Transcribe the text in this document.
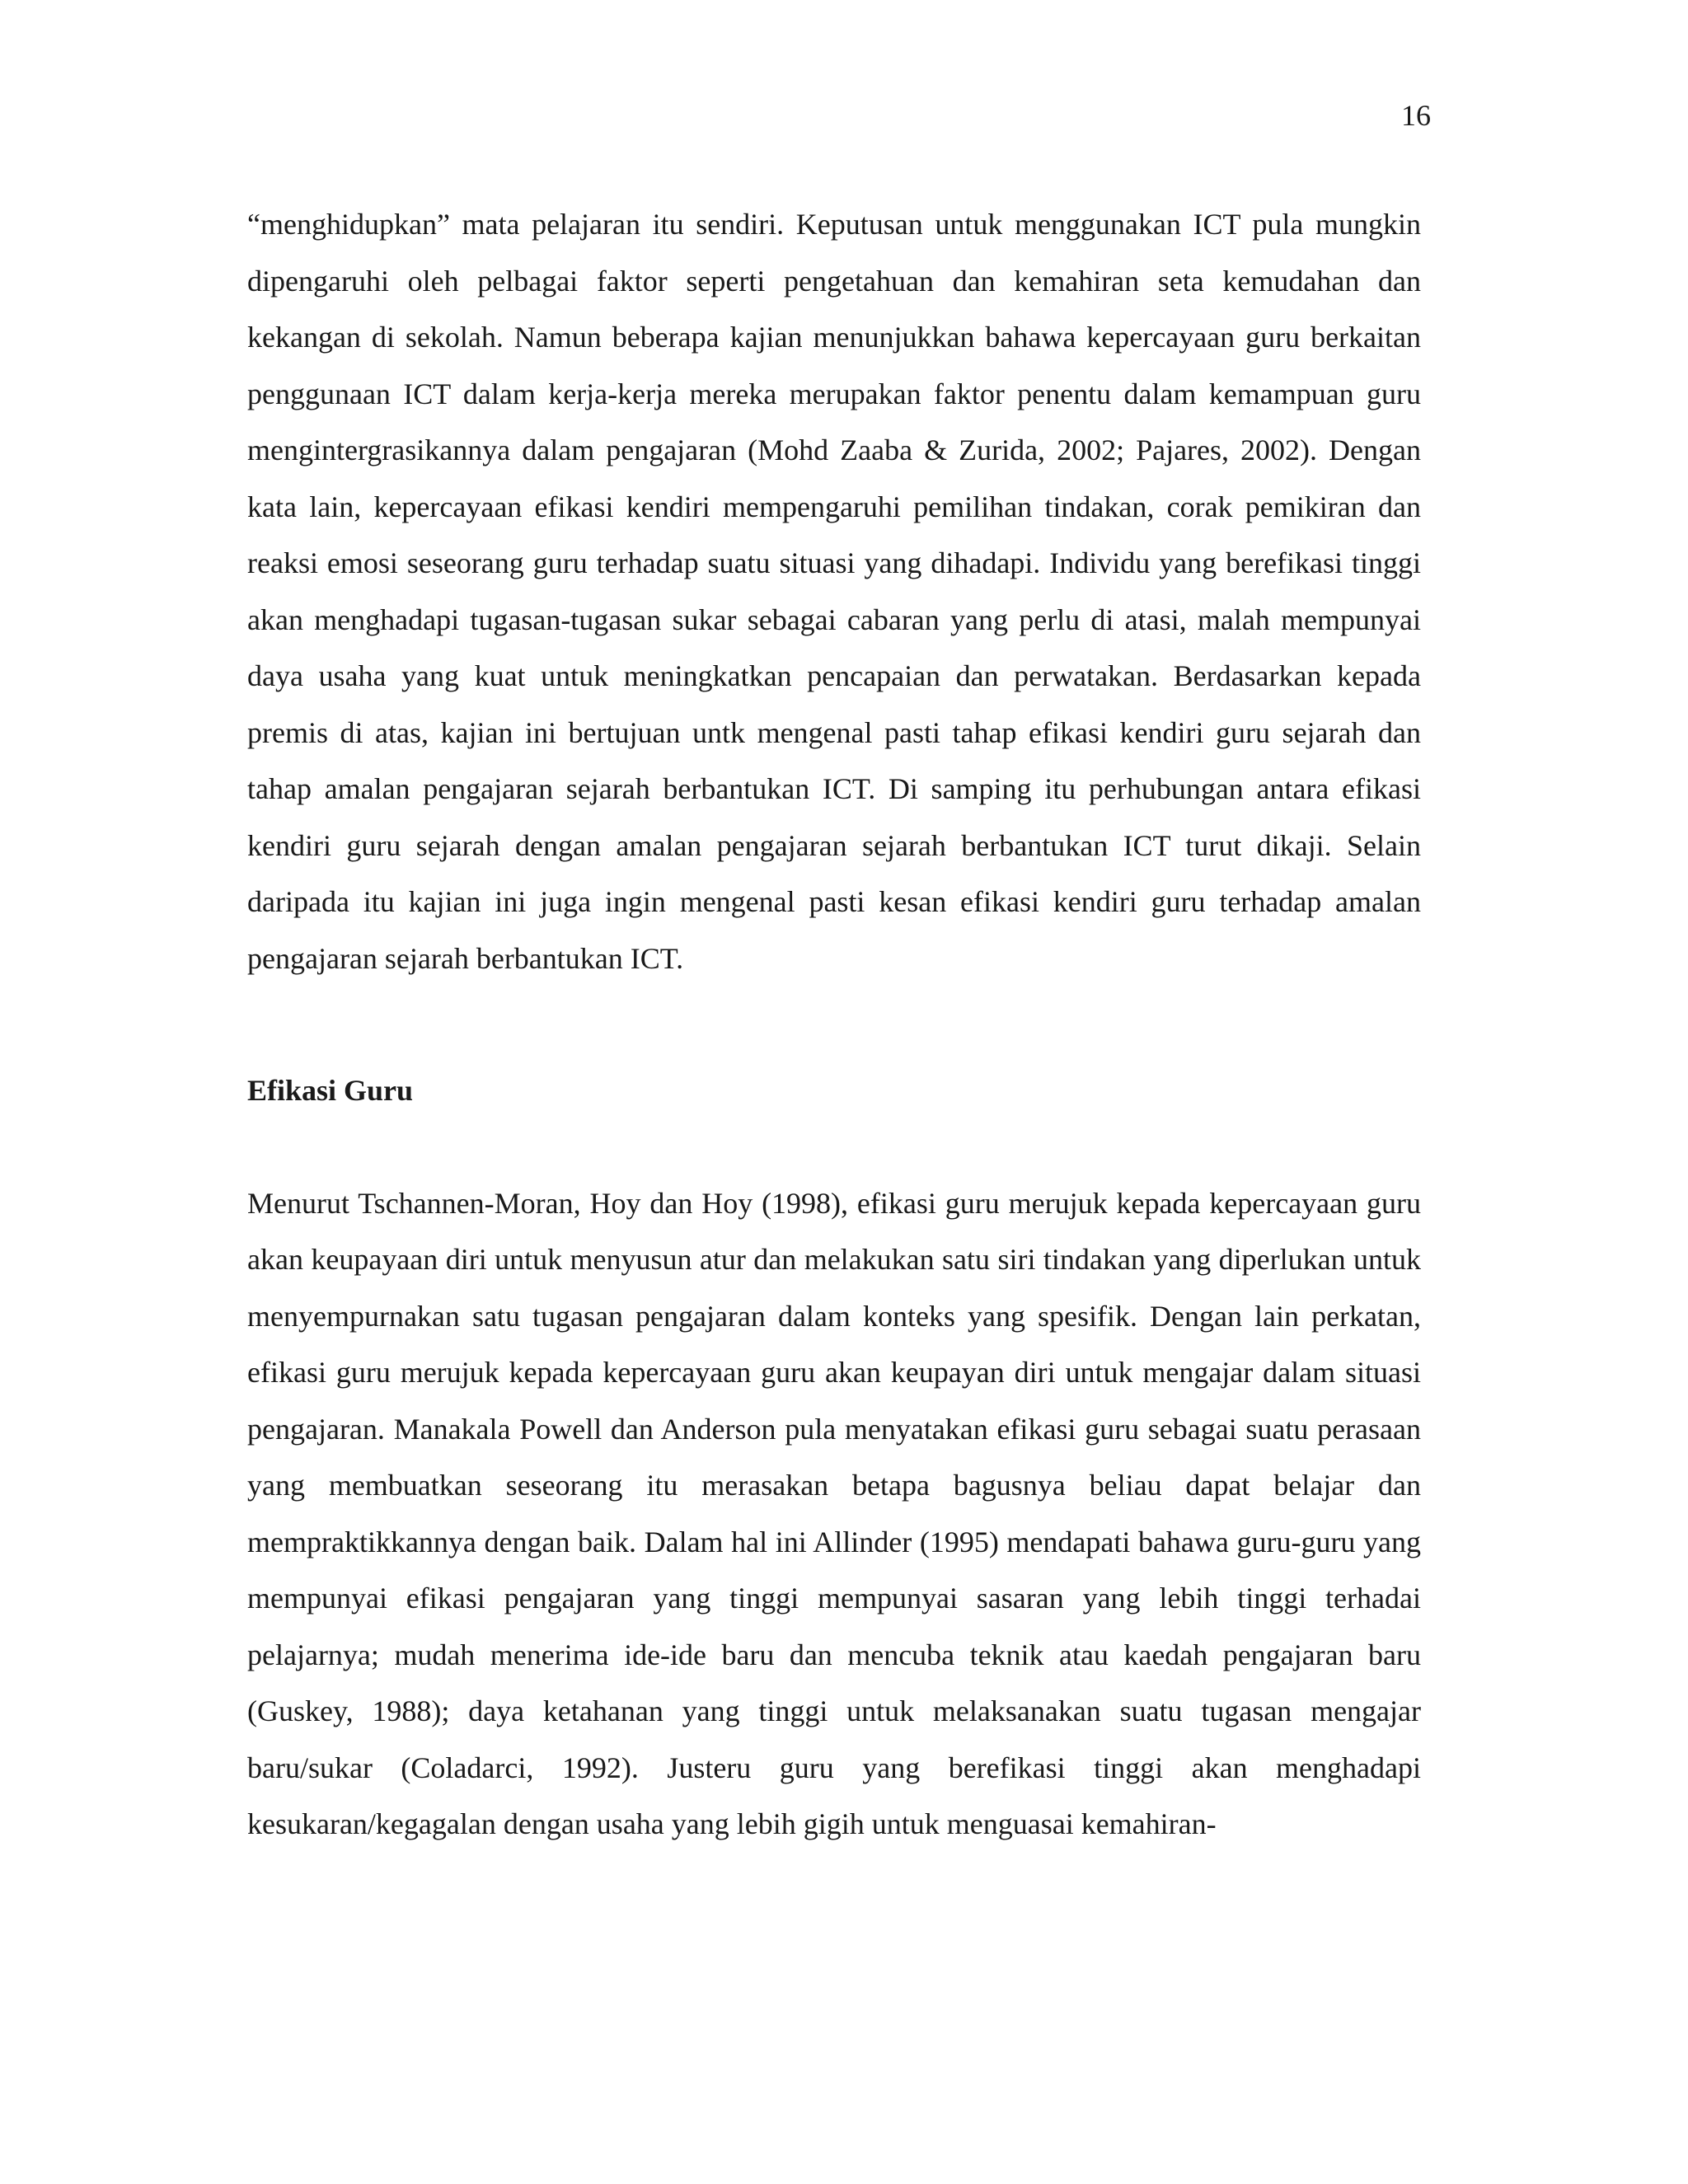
16

“menghidupkan” mata pelajaran itu sendiri. Keputusan untuk menggunakan ICT pula mungkin dipengaruhi oleh pelbagai faktor seperti pengetahuan dan kemahiran seta kemudahan dan kekangan di sekolah. Namun beberapa kajian menunjukkan bahawa kepercayaan guru berkaitan penggunaan ICT dalam kerja-kerja mereka merupakan faktor penentu dalam kemampuan guru mengintergrasikannya dalam pengajaran (Mohd Zaaba & Zurida, 2002; Pajares, 2002). Dengan kata lain, kepercayaan efikasi kendiri mempengaruhi pemilihan tindakan, corak pemikiran dan reaksi emosi seseorang guru terhadap suatu situasi yang dihadapi. Individu yang berefikasi tinggi akan menghadapi tugasan-tugasan sukar sebagai cabaran yang perlu di atasi, malah mempunyai daya usaha yang kuat untuk meningkatkan pencapaian dan perwatakan. Berdasarkan kepada premis di atas, kajian ini bertujuan untk mengenal pasti tahap efikasi kendiri guru sejarah dan tahap amalan pengajaran sejarah berbantukan ICT. Di samping itu perhubungan antara efikasi kendiri guru sejarah dengan amalan pengajaran sejarah berbantukan ICT turut dikaji. Selain daripada itu kajian ini juga ingin mengenal pasti kesan efikasi kendiri guru terhadap amalan pengajaran sejarah berbantukan ICT.

Efikasi Guru

Menurut Tschannen-Moran, Hoy dan Hoy (1998), efikasi guru merujuk kepada kepercayaan guru akan keupayaan diri untuk menyusun atur dan melakukan satu siri tindakan yang diperlukan untuk menyempurnakan satu tugasan pengajaran dalam konteks yang spesifik. Dengan lain perkatan, efikasi guru merujuk kepada kepercayaan guru akan keupayan diri untuk mengajar dalam situasi pengajaran. Manakala Powell dan Anderson pula menyatakan efikasi guru sebagai suatu perasaan yang membuatkan seseorang itu merasakan betapa bagusnya beliau dapat belajar dan mempraktikkannya dengan baik. Dalam hal ini Allinder (1995) mendapati bahawa guru-guru yang mempunyai efikasi pengajaran yang tinggi mempunyai sasaran yang lebih tinggi terhadai pelajarnya; mudah menerima ide-ide baru dan mencuba teknik atau kaedah pengajaran baru (Guskey, 1988); daya ketahanan yang tinggi untuk melaksanakan suatu tugasan mengajar baru/sukar (Coladarci, 1992). Justeru guru yang berefikasi tinggi akan menghadapi kesukaran/kegagalan dengan usaha yang lebih gigih untuk menguasai kemahiran-
